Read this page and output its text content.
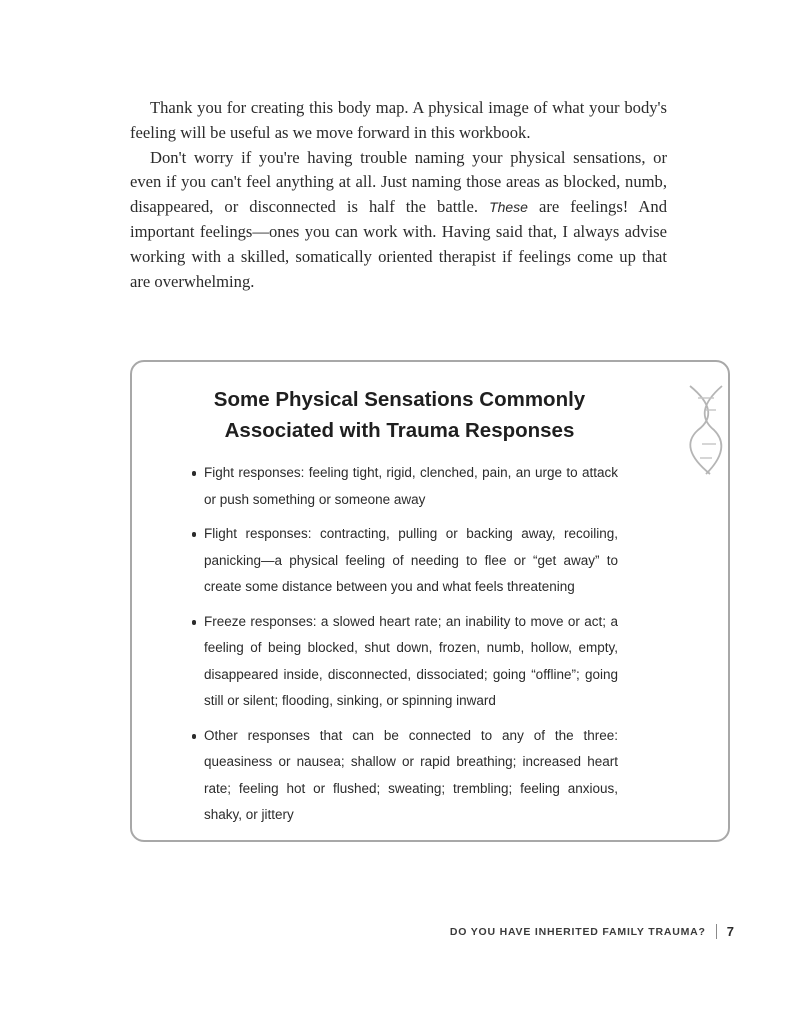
Thank you for creating this body map. A physical image of what your body's feeling will be useful as we move forward in this workbook.

Don't worry if you're having trouble naming your physical sensations, or even if you can't feel anything at all. Just naming those areas as blocked, numb, disappeared, or disconnected is half the battle. These are feelings! And important feelings—ones you can work with. Having said that, I always advise working with a skilled, somatically oriented therapist if feelings come up that are overwhelming.

Some Physical Sensations Commonly
Associated with Trauma Responses
Fight responses: feeling tight, rigid, clenched, pain, an urge to attack or push something or someone away
Flight responses: contracting, pulling or backing away, recoiling, panicking—a physical feeling of needing to flee or “get away” to create some distance between you and what feels threatening
Freeze responses: a slowed heart rate; an inability to move or act; a feeling of being blocked, shut down, frozen, numb, hollow, empty, disappeared inside, disconnected, dissociated; going “offline”; going still or silent; flooding, sinking, or spinning inward
Other responses that can be connected to any of the three: queasiness or nausea; shallow or rapid breathing; increased heart rate; feeling hot or flushed; sweating; trembling; feeling anxious, shaky, or jittery
DO YOU HAVE INHERITED FAMILY TRAUMA? 7
